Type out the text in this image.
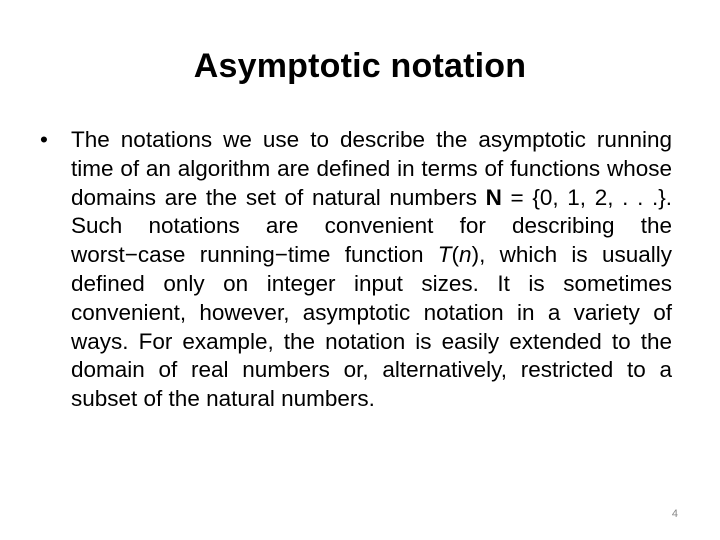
Asymptotic notation
•	The notations we use to describe the asymptotic running time of an algorithm are defined in terms of functions whose domains are the set of natural numbers N = {0, 1, 2, . . .}. Such notations are convenient for describing the worst−case running−time function T(n), which is usually defined only on integer input sizes. It is sometimes convenient, however, asymptotic notation in a variety of ways. For example, the notation is easily extended to the domain of real numbers or, alternatively, restricted to a subset of the natural numbers.
4
